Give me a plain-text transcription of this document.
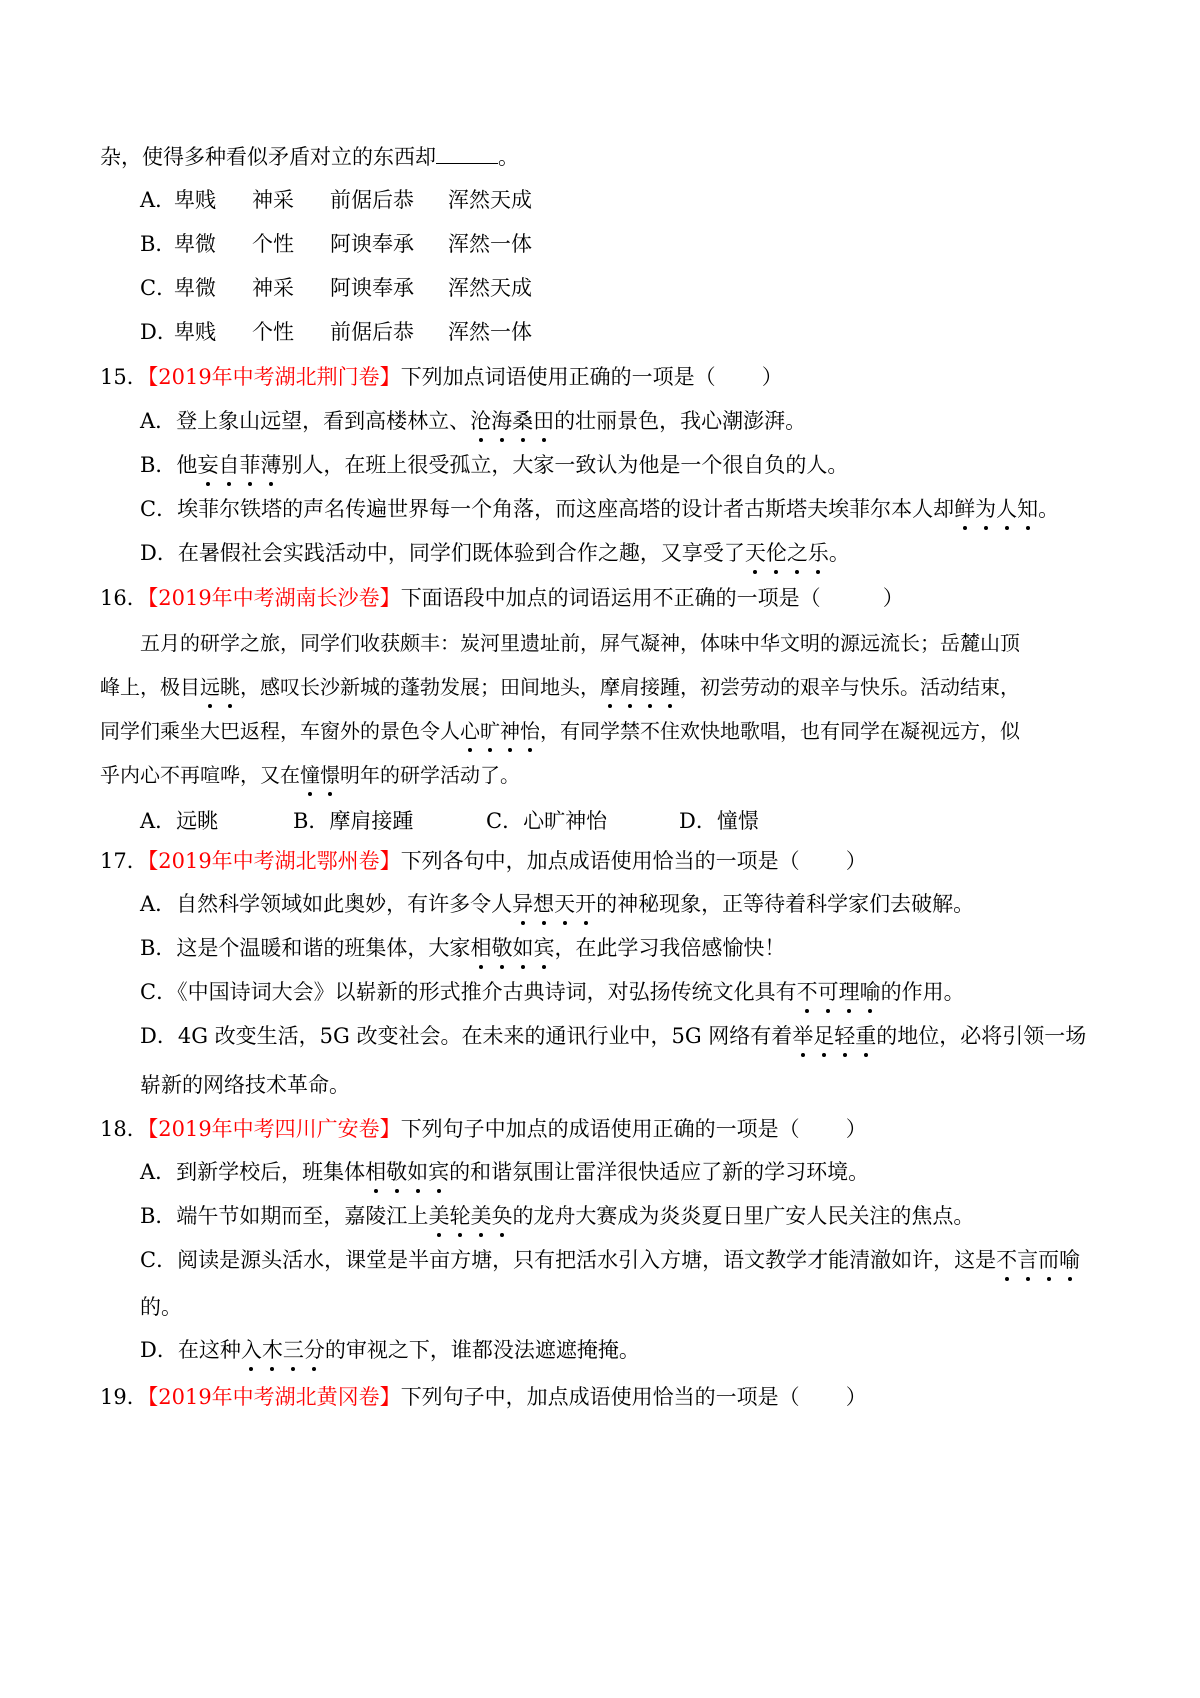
杂，使得多种看似矛盾对立的东西却	。
A．卑贱 神采 前倨后恭 浑然天成
B．卑微 个性 阿谀奉承 浑然一体
C．卑微 神采 阿谀奉承 浑然天成
D．卑贱 个性 前倨后恭 浑然一体
15．【2019年中考湖北荆门卷】下列加点词语使用正确的一项是（ ）
A．登上象山远望，看到高楼林立、沧海桑田的壮丽景色，我心潮澎湃。
B．他妄自菲薄别人，在班上很受孤立，大家一致认为他是一个很自负的人。
C．埃菲尔铁塔的声名传遍世界每一个角落，而这座高塔的设计者古斯塔夫埃菲尔本人却鲜为人知。
D．在暑假社会实践活动中，同学们既体验到合作之趣，又享受了天伦之乐。
16．【2019年中考湖南长沙卷】下面语段中加点的词语运用不正确的一项是（	）
五月的研学之旅，同学们收获颇丰：炭河里遗址前，屏气凝神，体味中华文明的源远流长；岳麓山顶
峰上，极目远眺，感叹长沙新城的蓬勃发展；田间地头，摩肩接踵，初尝劳动的艰辛与快乐。活动结束，
同学们乘坐大巴返程，车窗外的景色令人心旷神怡，有同学禁不住欢快地歌唱，也有同学在凝视远方，似
乎内心不再喧哗，又在憧憬明年的研学活动了。
A．远眺	B．摩肩接踵	C．心旷神怡	D．憧憬
17．【2019年中考湖北鄂州卷】下列各句中，加点成语使用恰当的一项是（ ）
A．自然科学领域如此奥妙，有许多令人异想天开的神秘现象，正等待着科学家们去破解。
B．这是个温暖和谐的班集体，大家相敬如宾，在此学习我倍感愉快！
C．《中国诗词大会》以崭新的形式推介古典诗词，对弘扬传统文化具有不可理喻的作用。
D．4G 改变生活，5G 改变社会。在未来的通讯行业中，5G 网络有着举足轻重的地位，必将引领一场
崭新的网络技术革命。
18．【2019年中考四川广安卷】下列句子中加点的成语使用正确的一项是（ ）
A．到新学校后，班集体相敬如宾的和谐氛围让雷洋很快适应了新的学习环境。
B．端午节如期而至，嘉陵江上美轮美奂的龙舟大赛成为炎炎夏日里广安人民关注的焦点。
C．阅读是源头活水，课堂是半亩方塘，只有把活水引入方塘，语文教学才能清澈如许，这是不言而喻
的。
D．在这种入木三分的审视之下，谁都没法遮遮掩掩。
19．【2019年中考湖北黄冈卷】下列句子中，加点成语使用恰当的一项是（ ）
